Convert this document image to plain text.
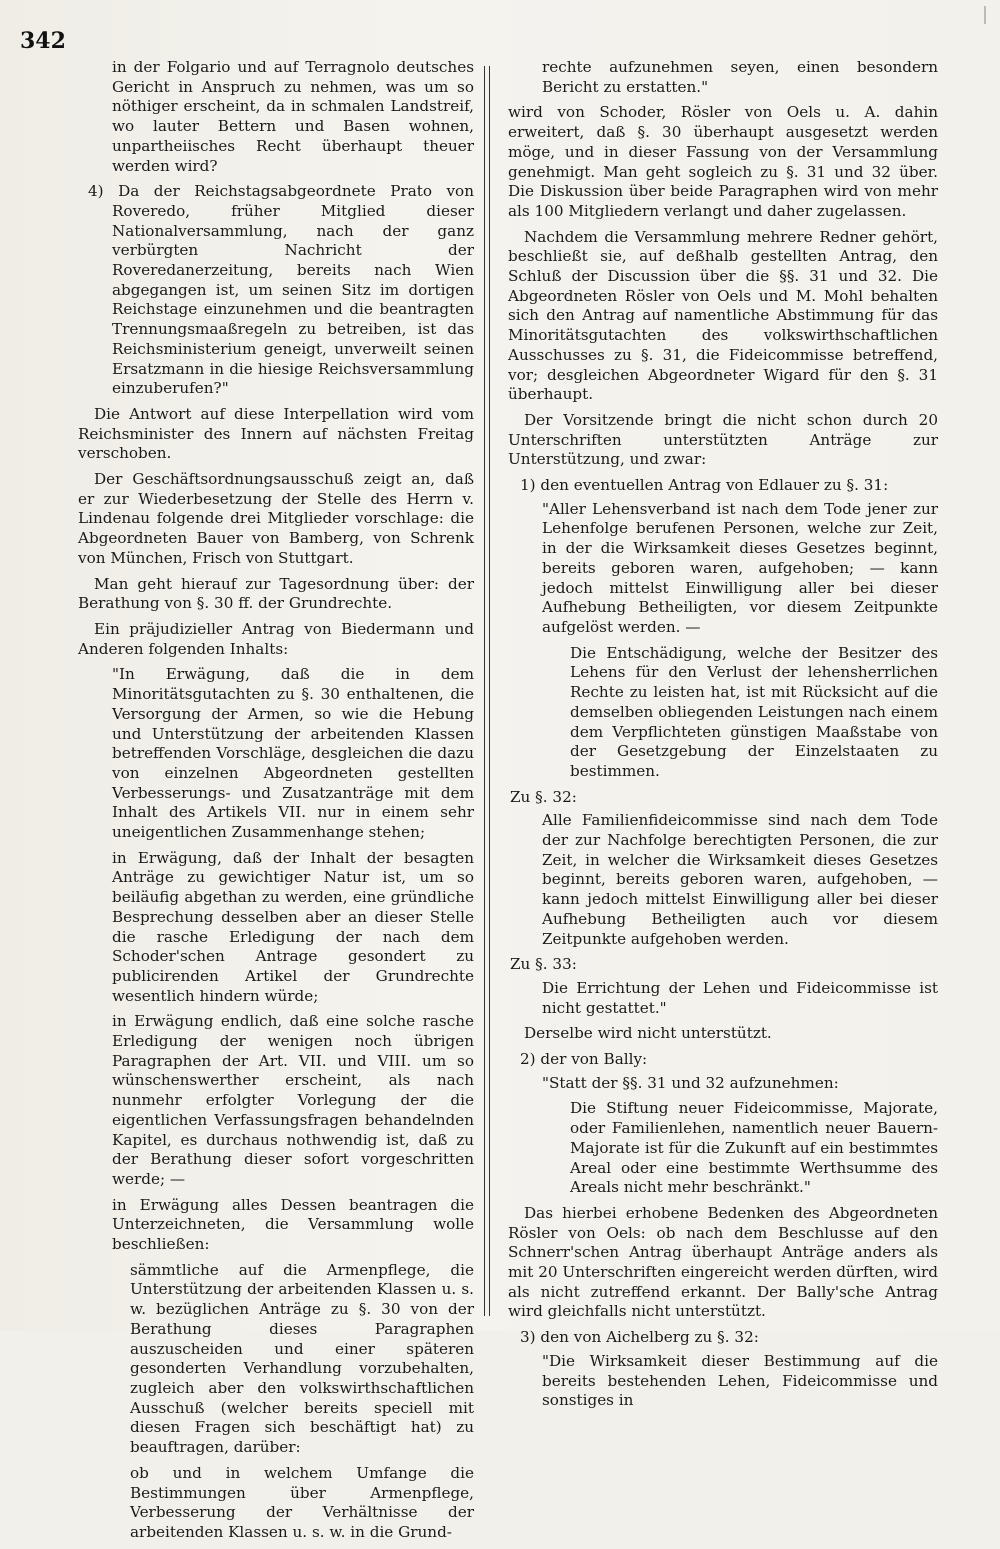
342

in der Folgario und auf Terragnolo deutsches Gericht in Anspruch zu nehmen, was um so nöthiger erscheint, da in schmalen Landstreif, wo lauter Bettern und Basen wohnen, unpartheiisches Recht überhaupt theuer werden wird?

4) Da der Reichstagsabgeordnete Prato von Roveredo, früher Mitglied dieser Nationalversammlung, nach der ganz verbürgten Nachricht der Roveredanerzeitung, bereits nach Wien abgegangen ist, um seinen Sitz im dortigen Reichstage einzunehmen und die beantragten Trennungsmaaßregeln zu betreiben, ist das Reichsministerium geneigt, unverweilt seinen Ersatzmann in die hiesige Reichsversammlung einzuberufen?"

Die Antwort auf diese Interpellation wird vom Reichsminister des Innern auf nächsten Freitag verschoben.

Der Geschäftsordnungsausschuß zeigt an, daß er zur Wiederbesetzung der Stelle des Herrn v. Lindenau folgende drei Mitglieder vorschlage: die Abgeordneten Bauer von Bamberg, von Schrenk von München, Frisch von Stuttgart.

Man geht hierauf zur Tagesordnung über: der Berathung von §. 30 ff. der Grundrechte.

Ein präjudizieller Antrag von Biedermann und Anderen folgenden Inhalts:

"In Erwägung, daß die in dem Minoritätsgutachten zu §. 30 enthaltenen, die Versorgung der Armen, so wie die Hebung und Unterstützung der arbeitenden Klassen betreffenden Vorschläge, desgleichen die dazu von einzelnen Abgeordneten gestellten Verbesserungs- und Zusatzanträge mit dem Inhalt des Artikels VII. nur in einem sehr uneigentlichen Zusammenhange stehen;

in Erwägung, daß der Inhalt der besagten Anträge zu gewichtiger Natur ist, um so beiläufig abgethan zu werden, eine gründliche Besprechung desselben aber an dieser Stelle die rasche Erledigung der nach dem Schoder'schen Antrage gesondert zu publicirenden Artikel der Grundrechte wesentlich hindern würde;

in Erwägung endlich, daß eine solche rasche Erledigung der wenigen noch übrigen Paragraphen der Art. VII. und VIII. um so wünschenswerther erscheint, als nach nunmehr erfolgter Vorlegung der die eigentlichen Verfassungsfragen behandelnden Kapitel, es durchaus nothwendig ist, daß zu der Berathung dieser sofort vorgeschritten werde; —

in Erwägung alles Dessen beantragen die Unterzeichneten, die Versammlung wolle beschließen:

sämmtliche auf die Armenpflege, die Unterstützung der arbeitenden Klassen u. s. w. bezüglichen Anträge zu §. 30 von der Berathung dieses Paragraphen auszuscheiden und einer späteren gesonderten Verhandlung vorzubehalten, zugleich aber den volkswirthschaftlichen Ausschuß (welcher bereits speciell mit diesen Fragen sich beschäftigt hat) zu beauftragen, darüber:

ob und in welchem Umfange die Bestimmungen über Armenpflege, Verbesserung der Verhältnisse der arbeitenden Klassen u. s. w. in die Grund-

rechte aufzunehmen seyen, einen besondern Bericht zu erstatten."

wird von Schoder, Rösler von Oels u. A. dahin erweitert, daß §. 30 überhaupt ausgesetzt werden möge, und in dieser Fassung von der Versammlung genehmigt. Man geht sogleich zu §. 31 und 32 über. Die Diskussion über beide Paragraphen wird von mehr als 100 Mitgliedern verlangt und daher zugelassen.

Nachdem die Versammlung mehrere Redner gehört, beschließt sie, auf deßhalb gestellten Antrag, den Schluß der Discussion über die §§. 31 und 32. Die Abgeordneten Rösler von Oels und M. Mohl behalten sich den Antrag auf namentliche Abstimmung für das Minoritätsgutachten des volkswirthschaftlichen Ausschusses zu §. 31, die Fideicommisse betreffend, vor; desgleichen Abgeordneter Wigard für den §. 31 überhaupt.

Der Vorsitzende bringt die nicht schon durch 20 Unterschriften unterstützten Anträge zur Unterstützung, und zwar:

1) den eventuellen Antrag von Edlauer zu §. 31:

"Aller Lehensverband ist nach dem Tode jener zur Lehenfolge berufenen Personen, welche zur Zeit, in der die Wirksamkeit dieses Gesetzes beginnt, bereits geboren waren, aufgehoben; — kann jedoch mittelst Einwilligung aller bei dieser Aufhebung Betheiligten, vor diesem Zeitpunkte aufgelöst werden. —

Die Entschädigung, welche der Besitzer des Lehens für den Verlust der lehensherrlichen Rechte zu leisten hat, ist mit Rücksicht auf die demselben obliegenden Leistungen nach einem dem Verpflichteten günstigen Maaßstabe von der Gesetzgebung der Einzelstaaten zu bestimmen.

Zu §. 32:

Alle Familienfideicommisse sind nach dem Tode der zur Nachfolge berechtigten Personen, die zur Zeit, in welcher die Wirksamkeit dieses Gesetzes beginnt, bereits geboren waren, aufgehoben, — kann jedoch mittelst Einwilligung aller bei dieser Aufhebung Betheiligten auch vor diesem Zeitpunkte aufgehoben werden.

Zu §. 33:

Die Errichtung der Lehen und Fideicommisse ist nicht gestattet."

Derselbe wird nicht unterstützt.

2) der von Bally:

"Statt der §§. 31 und 32 aufzunehmen:

Die Stiftung neuer Fideicommisse, Majorate, oder Familienlehen, namentlich neuer Bauern-Majorate ist für die Zukunft auf ein bestimmtes Areal oder eine bestimmte Werthsumme des Areals nicht mehr beschränkt."

Das hierbei erhobene Bedenken des Abgeordneten Rösler von Oels: ob nach dem Beschlusse auf den Schnerr'schen Antrag überhaupt Anträge anders als mit 20 Unterschriften eingereicht werden dürften, wird als nicht zutreffend erkannt. Der Bally'sche Antrag wird gleichfalls nicht unterstützt.

3) den von Aichelberg zu §. 32:

"Die Wirksamkeit dieser Bestimmung auf die bereits bestehenden Lehen, Fideicommisse und sonstiges in
